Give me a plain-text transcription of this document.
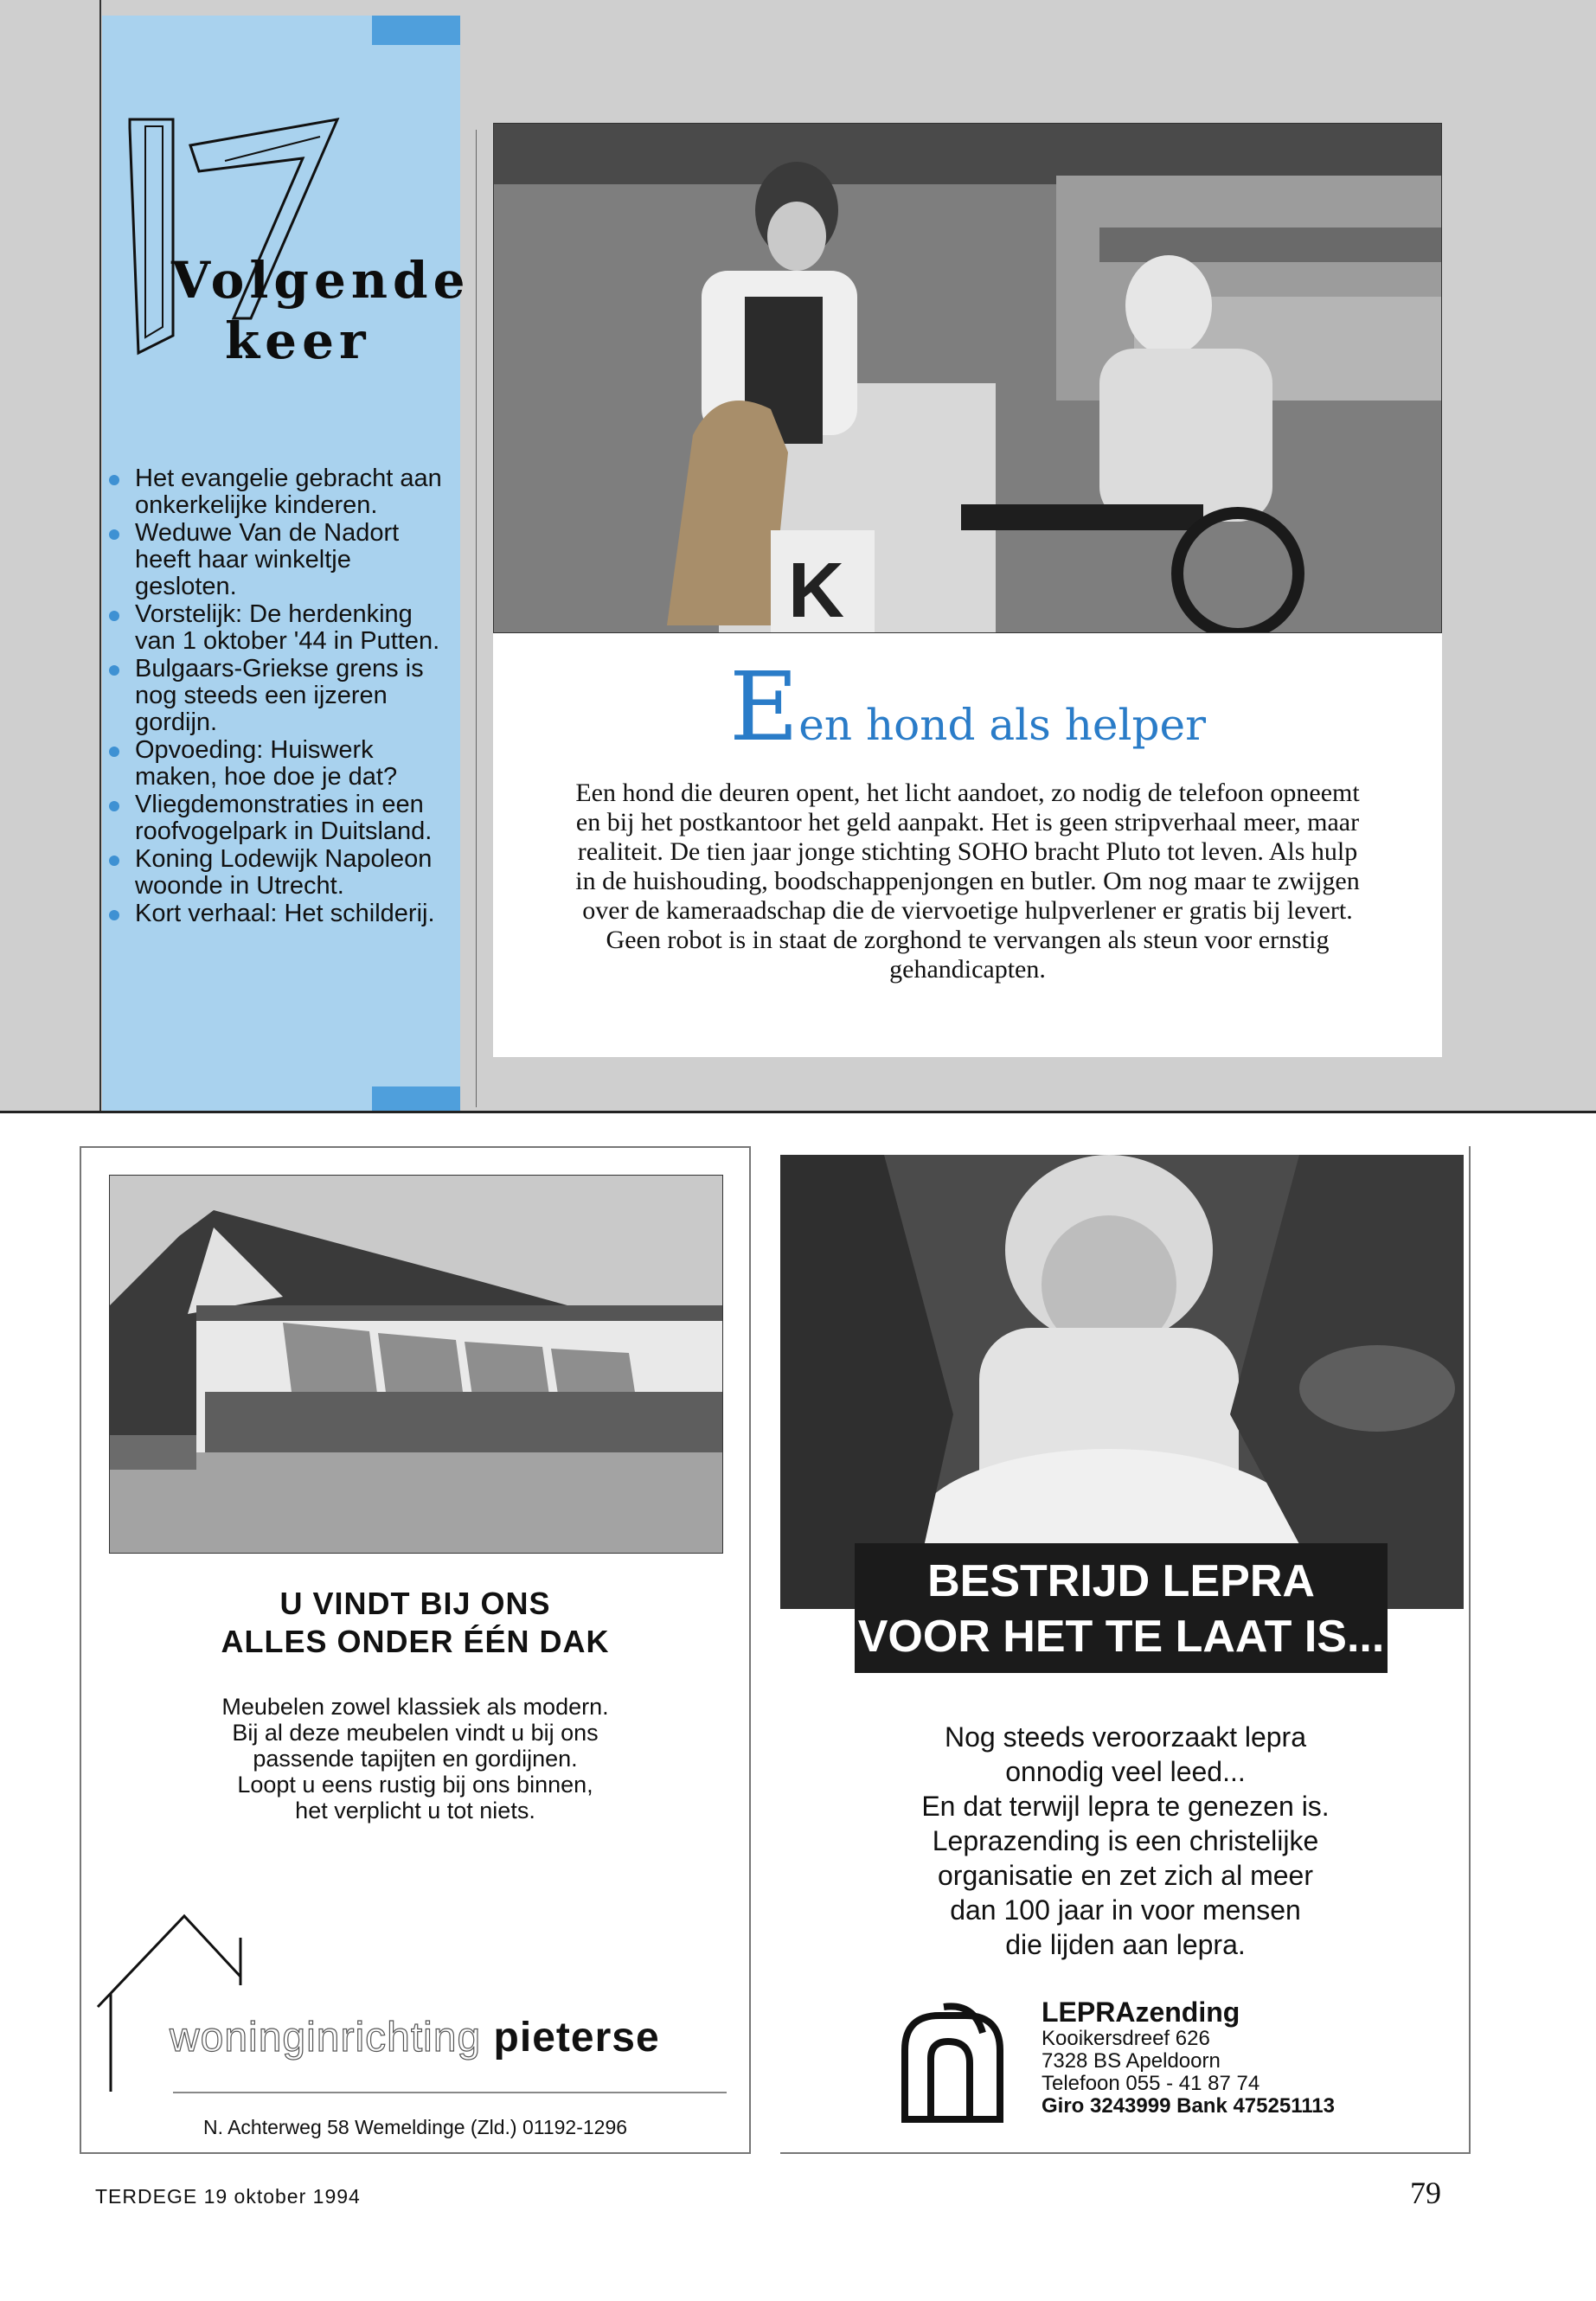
Volgende
keer
Het evangelie gebracht aan onkerkelijke kinderen.
Weduwe Van de Nadort heeft haar winkeltje gesloten.
Vorstelijk: De herdenking van 1 oktober '44 in Putten.
Bulgaars-Griekse grens is nog steeds een ijzeren gordijn.
Opvoeding: Huiswerk maken, hoe doe je dat?
Vliegdemonstraties in een roofvogelpark in Duitsland.
Koning Lodewijk Napoleon woonde in Utrecht.
Kort verhaal: Het schilderij.
K
Een hond als helper

Een hond die deuren opent, het licht aandoet, zo nodig de telefoon opneemt en bij het postkantoor het geld aanpakt. Het is geen stripverhaal meer, maar realiteit. De tien jaar jonge stichting SOHO bracht Pluto tot leven. Als hulp in de huishouding, boodschappenjongen en butler. Om nog maar te zwijgen over de kameraadschap die de viervoetige hulpverlener er gratis bij levert. Geen robot is in staat de zorghond te vervangen als steun voor ernstig gehandicapten.

U VINDT BIJ ONS
ALLES ONDER ÉÉN DAK
Meubelen zowel klassiek als modern.
Bij al deze meubelen vindt u bij ons
passende tapijten en gordijnen.
Loopt u eens rustig bij ons binnen,
het verplicht u tot niets.
woninginrichting pieterse
N. Achterweg 58 Wemeldinge (Zld.) 01192-1296
BESTRIJD LEPRA
VOOR HET TE LAAT IS...
Nog steeds veroorzaakt lepra
onnodig veel leed...
En dat terwijl lepra te genezen is.
Leprazending is een christelijke
organisatie en zet zich al meer
dan 100 jaar in voor mensen
die lijden aan lepra.
LEPRAzending
Kooikersdreef 626
7328 BS Apeldoorn
Telefoon 055 - 41 87 74
Giro 3243999 Bank 475251113
TERDEGE 19 oktober 1994	79
